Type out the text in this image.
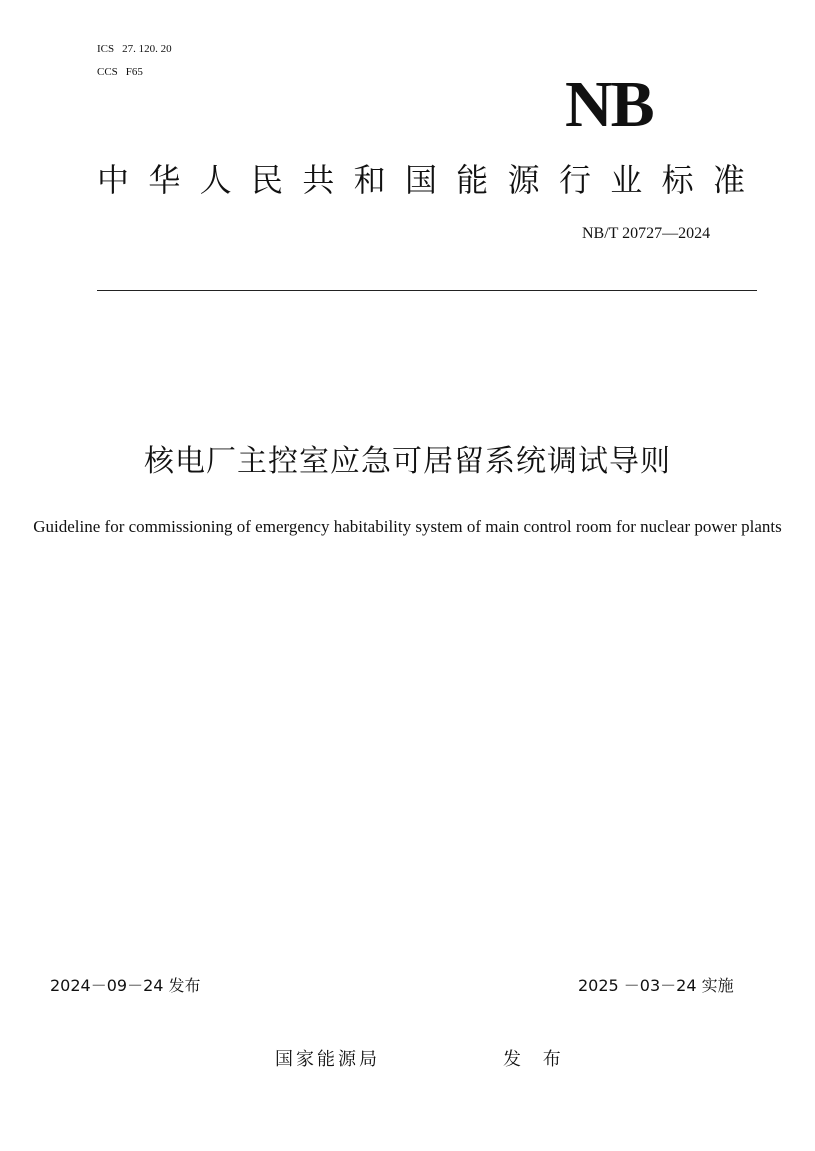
ICS 27. 120. 20
CCS F65	NB
中 华 人 民 共 和 国 能 源 行 业 标 准
NB/T 20727—2024
核电厂主控室应急可居留系统调试导则
Guideline for commissioning of emergency habitability system of main control room for nuclear power plants
2024－09－24 发布	2025 －03－24 实施
国家能源局	发 布
